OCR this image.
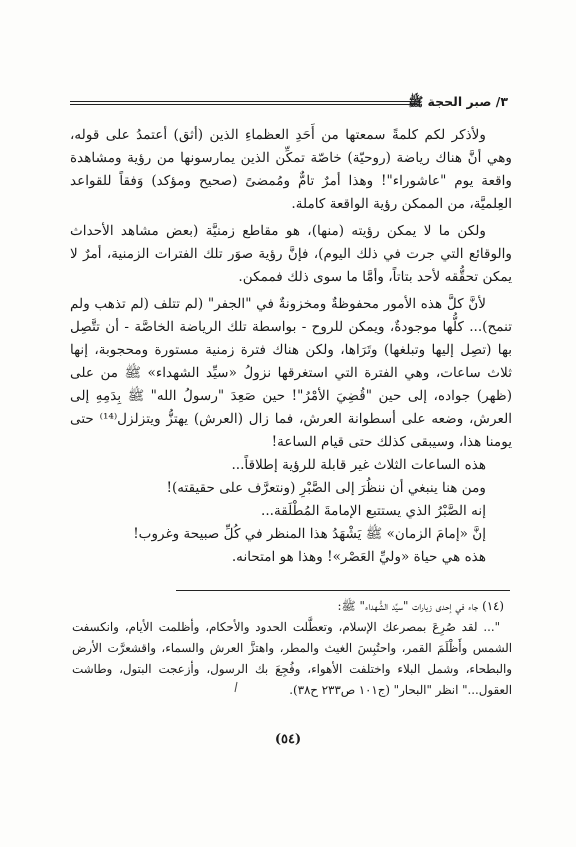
٣/ صبر الحجة ﷺ

ولأذكر لكم كلمةً سمعتها من أَحَدِ العظماءِ الذين (أثق) أعتمدُ على قوله، وهي أنَّ هناك رياضة (روحيّة) خاصّة تمكِّن الذين يمارسونها من رؤية ومشاهدة واقعة يوم "عاشوراء"! وهذا أمرٌ تامٌّ ومُمضىً (صحيح ومؤكد) وَفقاً للقواعد العِلميَّة، من الممكن رؤية الواقعة كاملة.

ولكن ما لا يمكن رؤيته (منها)، هو مقاطع زمنيَّة (بعض مشاهد الأحداث والوقائع التي جرت في ذلك اليوم)، فإنَّ رؤية صوَر تلك الفترات الزمنية، أمرٌ لا يمكن تحقُّقه لأحد بتاتاً، وأمَّا ما سوى ذلك فممكن.

لأنَّ كلَّ هذه الأمور محفوظةٌ ومخزونةٌ في "الجفر" (لم تتلف (لم تذهب ولم تنمح)... كلُّها موجودةٌ، ويمكن للروح - بواسطة تلك الرياضة الخاصَّة - أن تتَّصِل بها (تصِل إليها وتبلغها) وتَرَاها، ولكن هناك فترة زمنية مستورة ومحجوبة، إنها ثلاث ساعات، وهي الفترة التي استغرقها نزولُ «سيِّد الشهداء» ﷺ من على (ظهر) جواده، إلى حين "قُضِيَ الأمْرُ"! حين صَعِدَ "رسولُ الله" ﷺ بِدَمِهِ إلى العرش، وضعه على أسطوانة العرش، فما زال (العرش) يهتزُّ ويتزلزل⁽¹⁴⁾ حتى يومنا هذا، وسيبقى كذلك حتى قيام الساعة!

هذه الساعات الثلاث غير قابلة للرؤية إطلاقاً...

ومن هنا ينبغي أن ننظُرَ إلى الصَّبْرِ (ونتعرَّف على حقيقته)!

إنه الصَّبْرُ الذي يستتبع الإمامةَ المُطْلَقة...

إنَّ «إمامَ الزمان» ﷺ يَشْهَدُ هذا المنظر في كُلِّ صبيحة وغروب!

هذه هي حياة «وليِّ العَصْر»! وهذا هو امتحانه.

(١٤) جاء في إحدى زيارات "سيِّد الشُّهداء" ﷺ:

"... لقد صُرِعَ بمصرعك الإسلام، وتعطَّلت الحدود والأحكام، وأظلمت الأيام، وانكسفت الشمس وأَظْلَمَ القمر، واحتُبِسَ الغيث والمطر، واهتزَّ العرش والسماء، واقشعرَّت الأرض والبطحاء، وشمل البلاء واختلفت الأهواء، وفُجِعَ بك الرسول، وأزعجت البتول، وطاشت العقول..." انظر "البحار" (ج١٠١ ص٢٣٣ ح٣٨).

(٥٤)
